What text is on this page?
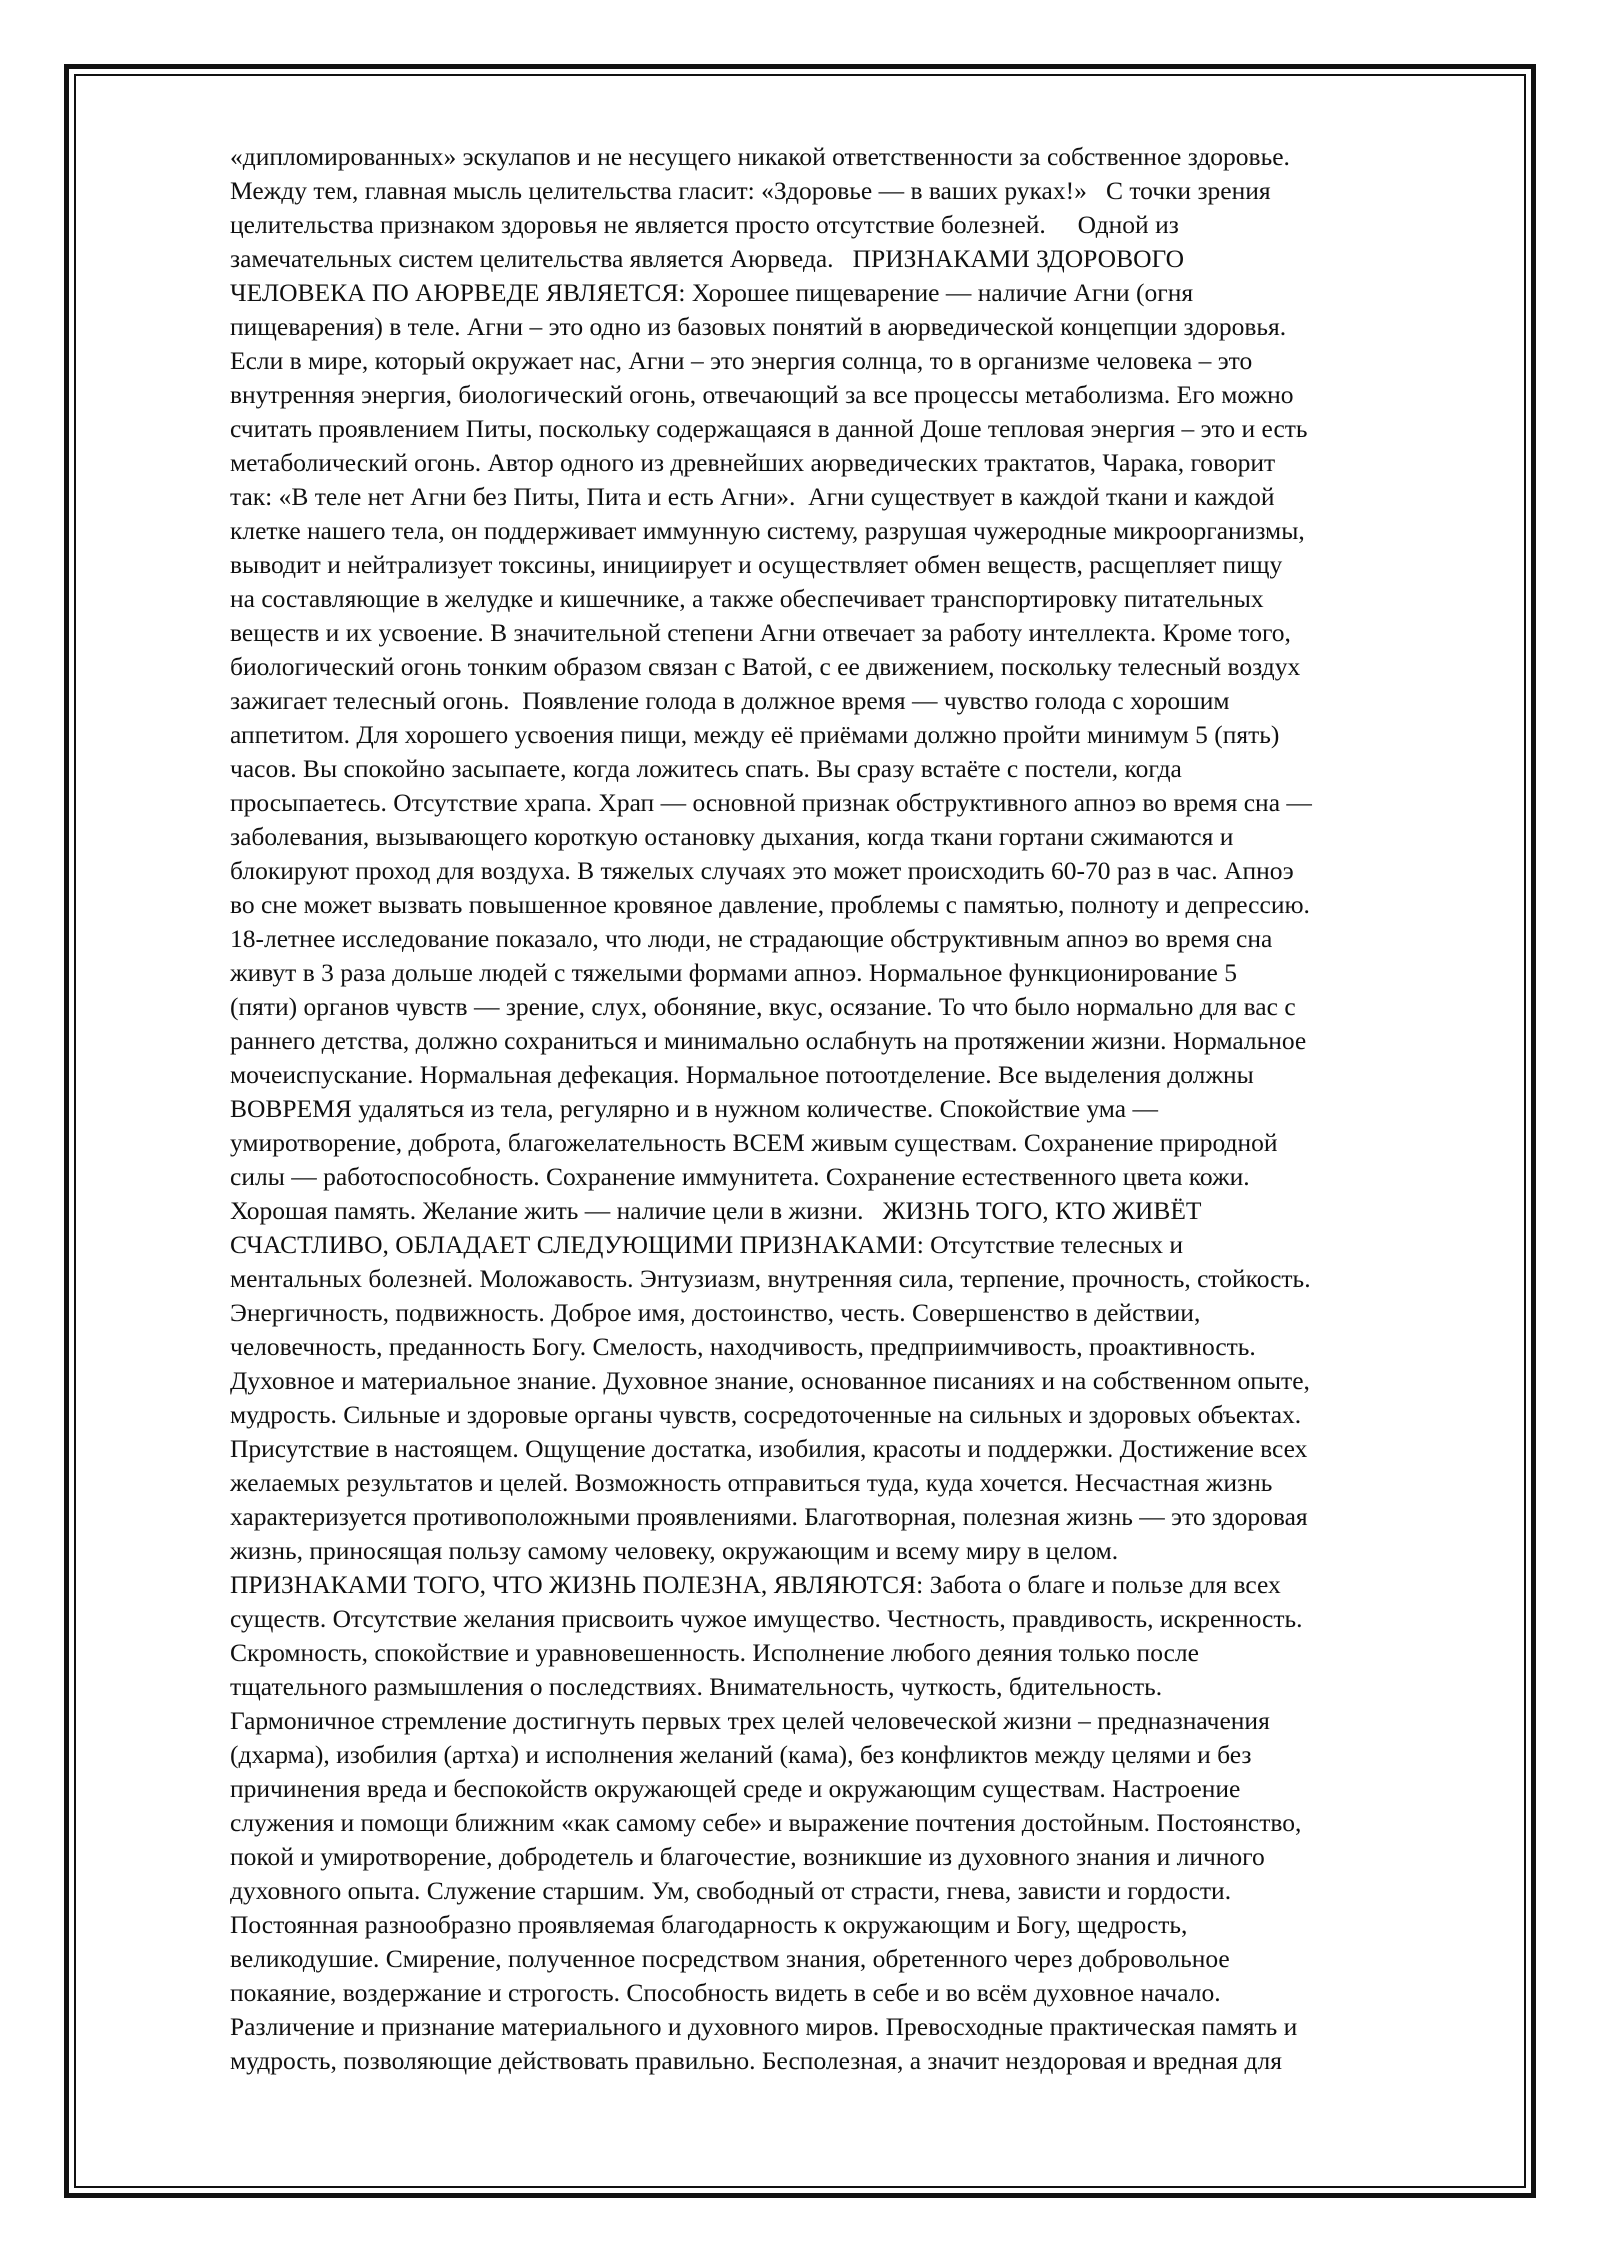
«дипломированных» эскулапов и не несущего никакой ответственности за собственное здоровье.
Между тем, главная мысль целительства гласит: «Здоровье — в ваших руках!»   С точки зрения
целительства признаком здоровья не является просто отсутствие болезней.     Одной из
замечательных систем целительства является Аюрведа.   ПРИЗНАКАМИ ЗДОРОВОГО
ЧЕЛОВЕКА ПО АЮРВЕДЕ ЯВЛЯЕТСЯ: Хорошее пищеварение — наличие Агни (огня
пищеварения) в теле. Агни – это одно из базовых понятий в аюрведической концепции здоровья.
Если в мире, который окружает нас, Агни – это энергия солнца, то в организме человека – это
внутренняя энергия, биологический огонь, отвечающий за все процессы метаболизма. Его можно
считать проявлением Питы, поскольку содержащаяся в данной Доше тепловая энергия – это и есть
метаболический огонь. Автор одного из древнейших аюрведических трактатов, Чарака, говорит
так: «В теле нет Агни без Питы, Пита и есть Агни».  Агни существует в каждой ткани и каждой
клетке нашего тела, он поддерживает иммунную систему, разрушая чужеродные микроорганизмы,
выводит и нейтрализует токсины, инициирует и осуществляет обмен веществ, расщепляет пищу
на составляющие в желудке и кишечнике, а также обеспечивает транспортировку питательных
веществ и их усвоение. В значительной степени Агни отвечает за работу интеллекта. Кроме того,
биологический огонь тонким образом связан с Ватой, с ее движением, поскольку телесный воздух
зажигает телесный огонь.  Появление голода в должное время — чувство голода с хорошим
аппетитом. Для хорошего усвоения пищи, между её приёмами должно пройти минимум 5 (пять)
часов. Вы спокойно засыпаете, когда ложитесь спать. Вы сразу встаёте с постели, когда
просыпаетесь. Отсутствие храпа. Храп — основной признак обструктивного апноэ во время сна —
заболевания, вызывающего короткую остановку дыхания, когда ткани гортани сжимаются и
блокируют проход для воздуха. В тяжелых случаях это может происходить 60-70 раз в час. Апноэ
во сне может вызвать повышенное кровяное давление, проблемы с памятью, полноту и депрессию.
18-летнее исследование показало, что люди, не страдающие обструктивным апноэ во время сна
живут в 3 раза дольше людей с тяжелыми формами апноэ. Нормальное функционирование 5
(пяти) органов чувств — зрение, слух, обоняние, вкус, осязание. То что было нормально для вас с
раннего детства, должно сохраниться и минимально ослабнуть на протяжении жизни. Нормальное
мочеиспускание. Нормальная дефекация. Нормальное потоотделение. Все выделения должны
ВОВРЕМЯ удаляться из тела, регулярно и в нужном количестве. Спокойствие ума —
умиротворение, доброта, благожелательность ВСЕМ живым существам. Сохранение природной
силы — работоспособность. Сохранение иммунитета. Сохранение естественного цвета кожи.
Хорошая память. Желание жить — наличие цели в жизни.   ЖИЗНЬ ТОГО, КТО ЖИВЁТ
СЧАСТЛИВО, ОБЛАДАЕТ СЛЕДУЮЩИМИ ПРИЗНАКАМИ: Отсутствие телесных и
ментальных болезней. Моложавость. Энтузиазм, внутренняя сила, терпение, прочность, стойкость.
Энергичность, подвижность. Доброе имя, достоинство, честь. Совершенство в действии,
человечность, преданность Богу. Смелость, находчивость, предприимчивость, проактивность.
Духовное и материальное знание. Духовное знание, основанное писаниях и на собственном опыте,
мудрость. Сильные и здоровые органы чувств, сосредоточенные на сильных и здоровых объектах.
Присутствие в настоящем. Ощущение достатка, изобилия, красоты и поддержки. Достижение всех
желаемых результатов и целей. Возможность отправиться туда, куда хочется. Несчастная жизнь
характеризуется противоположными проявлениями. Благотворная, полезная жизнь — это здоровая
жизнь, приносящая пользу самому человеку, окружающим и всему миру в целом.
ПРИЗНАКАМИ ТОГО, ЧТО ЖИЗНЬ ПОЛЕЗНА, ЯВЛЯЮТСЯ: Забота о благе и пользе для всех
существ. Отсутствие желания присвоить чужое имущество. Честность, правдивость, искренность.
Скромность, спокойствие и уравновешенность. Исполнение любого деяния только после
тщательного размышления о последствиях. Внимательность, чуткость, бдительность.
Гармоничное стремление достигнуть первых трех целей человеческой жизни – предназначения
(дхарма), изобилия (артха) и исполнения желаний (кама), без конфликтов между целями и без
причинения вреда и беспокойств окружающей среде и окружающим существам. Настроение
служения и помощи ближним «как самому себе» и выражение почтения достойным. Постоянство,
покой и умиротворение, добродетель и благочестие, возникшие из духовного знания и личного
духовного опыта. Служение старшим. Ум, свободный от страсти, гнева, зависти и гордости.
Постоянная разнообразно проявляемая благодарность к окружающим и Богу, щедрость,
великодушие. Смирение, полученное посредством знания, обретенного через добровольное
покаяние, воздержание и строгость. Способность видеть в себе и во всём духовное начало.
Различение и признание материального и духовного миров. Превосходные практическая память и
мудрость, позволяющие действовать правильно. Бесполезная, а значит нездоровая и вредная для
